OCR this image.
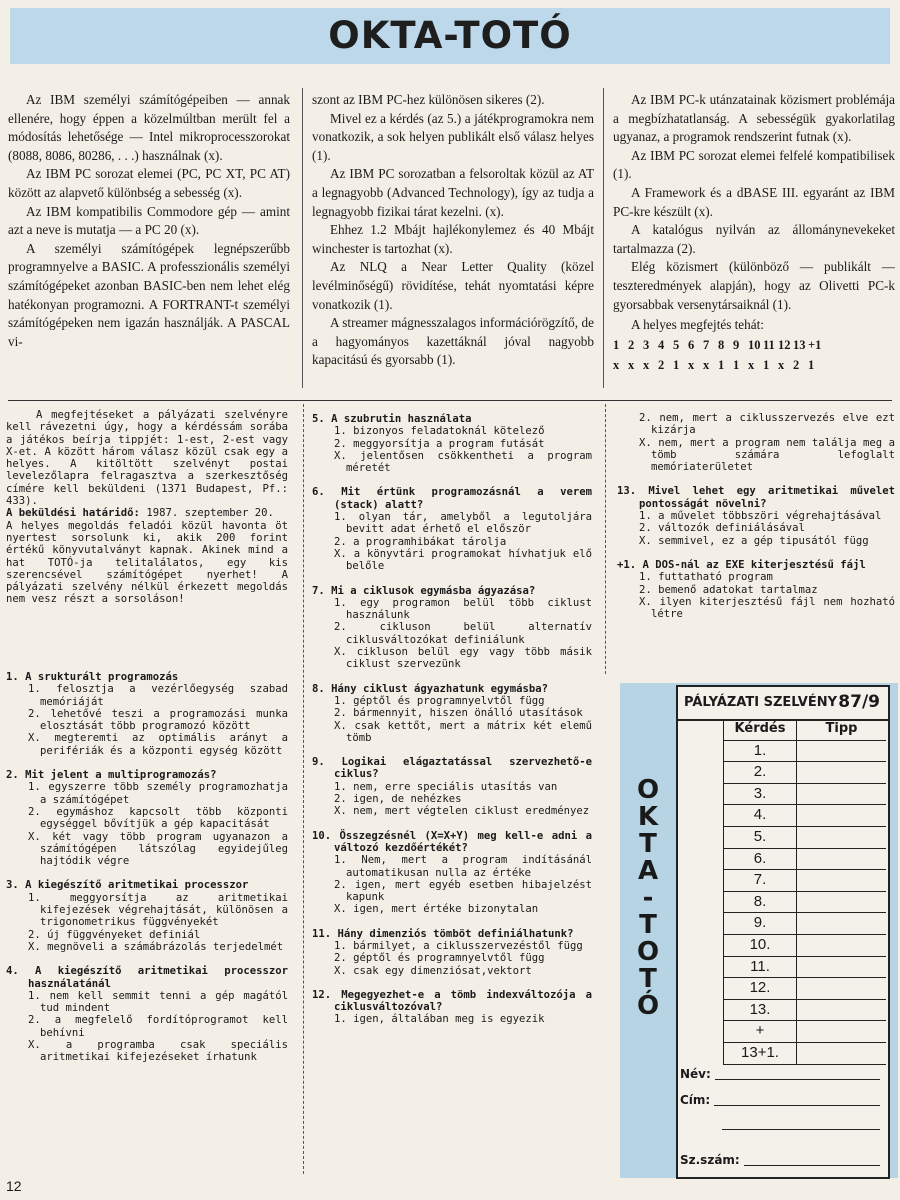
OKTA-TOTÓ

Az IBM személyi számítógépeiben — annak ellenére, hogy éppen a közelmúltban merült fel a módosítás lehetősége — Intel mikroprocesszorokat (8088, 8086, 80286, . . .) használnak (x).

Az IBM PC sorozat elemei (PC, PC XT, PC AT) között az alapvető különbség a sebesség (x).

Az IBM kompatibilis Commodore gép — amint azt a neve is mutatja — a PC 20 (x).

A személyi számítógépek legnépszerűbb programnyelve a BASIC. A professzionális személyi számítógépeket azonban BASIC-ben nem lehet elég hatékonyan programozni. A FORTRANT-t személyi számítógépeken nem igazán használják. A PASCAL vi-

szont az IBM PC-hez különösen sikeres (2).

Mivel ez a kérdés (az 5.) a játékprogramokra nem vonatkozik, a sok helyen publikált első válasz helyes (1).

Az IBM PC sorozatban a felsoroltak közül az AT a legnagyobb (Advanced Technology), így az tudja a legnagyobb fizikai tárat kezelni. (x).

Ehhez 1.2 Mbájt hajlékonylemez és 40 Mbájt winchester is tartozhat (x).

Az NLQ a Near Letter Quality (közel levélminőségű) rövidítése, tehát nyomtatási képre vonatkozik (1).

A streamer mágnesszalagos információrögzítő, de a hagyományos kazettáknál jóval nagyobb kapacitású és gyorsabb (1).

Az IBM PC-k utánzatainak közismert problémája a megbízhatatlanság. A sebességük gyakorlatilag ugyanaz, a programok rendszerint futnak (x).

Az IBM PC sorozat elemei felfelé kompatibilisek (1).

A Framework és a dBASE III. egyaránt az IBM PC-kre készült (x).

A katalógus nyilván az állománynevekeket tartalmazza (2).

Elég közismert (különböző — publikált — teszteredmények alapján), hogy az Olivetti PC-k gyorsabbak versenytársaiknál (1).

A helyes megfejtés tehát:

1	2	3	4	5	6	7	8	9	10	11	12	13	+1
x	x	x	2	1	x	x	1	1	x	1	x	2	1

A megfejtéseket a pályázati szelvényre kell rávezetni úgy, hogy a kérdéssám sorába a játékos beírja tippjét: 1-est, 2-est vagy X-et. A között három válasz közül csak egy a helyes. A kitöltött szelvényt postai levelezőlapra felragasztva a szerkesztőség címére kell beküldeni (1371 Budapest, Pf.: 433).

A beküldési határidő: 1987. szeptember 20.

A helyes megoldás feladói közül havonta öt nyertest sorsolunk ki, akik 200 forint értékű könyvutalványt kapnak. Akinek mind a hat TOTÓ-ja telitalálatos, egy kis szerencsével számítógépet nyerhet! A pályázati szelvény nélkül érkezett megoldás nem vesz részt a sorsoláson!

1. A srukturált programozás

1. felosztja a vezérlőegység szabad memóriáját

2. lehetővé teszi a programozási munka elosztását több programozó között

X. megteremti az optimális arányt a perifériák és a központi egység között

2. Mit jelent a multiprogramozás?

1. egyszerre több személy programozhatja a számítógépet

2. egymáshoz kapcsolt több központi egységgel bővítjük a gép kapacitását

X. két vagy több program ugyanazon a számítógépen látszólag egyidejűleg hajtódik végre

3. A kiegészítő aritmetikai processzor

1. meggyorsítja az aritmetikai kifejezések végrehajtását, különösen a trigonometrikus függvényekét

2. új függvényeket definiál

X. megnöveli a számábrázolás terjedelmét

4. A kiegészítő aritmetikai processzor használatánál

1. nem kell semmit tenni a gép magától tud mindent

2. a megfelelő fordítóprogramot kell behívni

X. a programba csak speciális aritmetikai kifejezéseket írhatunk

5. A szubrutin használata

1. bizonyos feladatoknál kötelező

2. meggyorsítja a program futását

X. jelentősen csökkentheti a program méretét

6. Mit értünk programozásnál a verem (stack) alatt?

1. olyan tár, amelyből a legutoljára bevitt adat érhető el először

2. a programhibákat tárolja

X. a könyvtári programokat hívhatjuk elő belőle

7. Mi a ciklusok egymásba ágyazása?

1. egy programon belül több ciklust használunk

2. cikluson belül alternatív ciklusváltozókat definiálunk

X. cikluson belül egy vagy több másik ciklust szervezünk

8. Hány ciklust ágyazhatunk egymásba?

1. géptől és programnyelvtől függ

2. bármennyit, hiszen önálló utasítások

X. csak kettőt, mert a mátrix két elemű tömb

9. Logikai elágaztatással szervezhető-e ciklus?

1. nem, erre speciális utasítás van

2. igen, de nehézkes

X. nem, mert végtelen ciklust eredményez

10. Összegzésnél (X=X+Y) meg kell-e adni a változó kezdőértékét?

1. Nem, mert a program indításánál automatikusan nulla az értéke

2. igen, mert egyéb esetben hibajelzést kapunk

X. igen, mert értéke bizonytalan

11. Hány dimenziós tömböt definiálhatunk?

1. bármilyet, a ciklusszervezéstől függ

2. géptől és programnyelvtől függ

X. csak egy dimenziósat,vektort

12. Megegyezhet-e a tömb indexváltozója a ciklusváltozóval?

1. igen, általában meg is egyezik

2. nem, mert a ciklusszervezés elve ezt kizárja

X. nem, mert a program nem találja meg a tömb számára lefoglalt memóriaterületet

13. Mivel lehet egy aritmetikai művelet pontosságát növelni?

1. a művelet többszöri végrehajtásával

2. változók definiálásával

X. semmivel, ez a gép tipusától függ

+1. A DOS-nál az EXE kiterjesztésű fájl

1. futtatható program

2. bemenő adatokat tartalmaz

X. ilyen kiterjesztésű fájl nem hozható létre

PÁLYÁZATI SZELVÉNY 87/9
O
K
T
A
-
T
O
T
Ó
Kérdés	Tipp
1.
2.
3.
4.
5.
6.
7.
8.
9.
10.
11.
12.
13.
+
13+1.
Név:
Cím:
Sz.szám:
12
